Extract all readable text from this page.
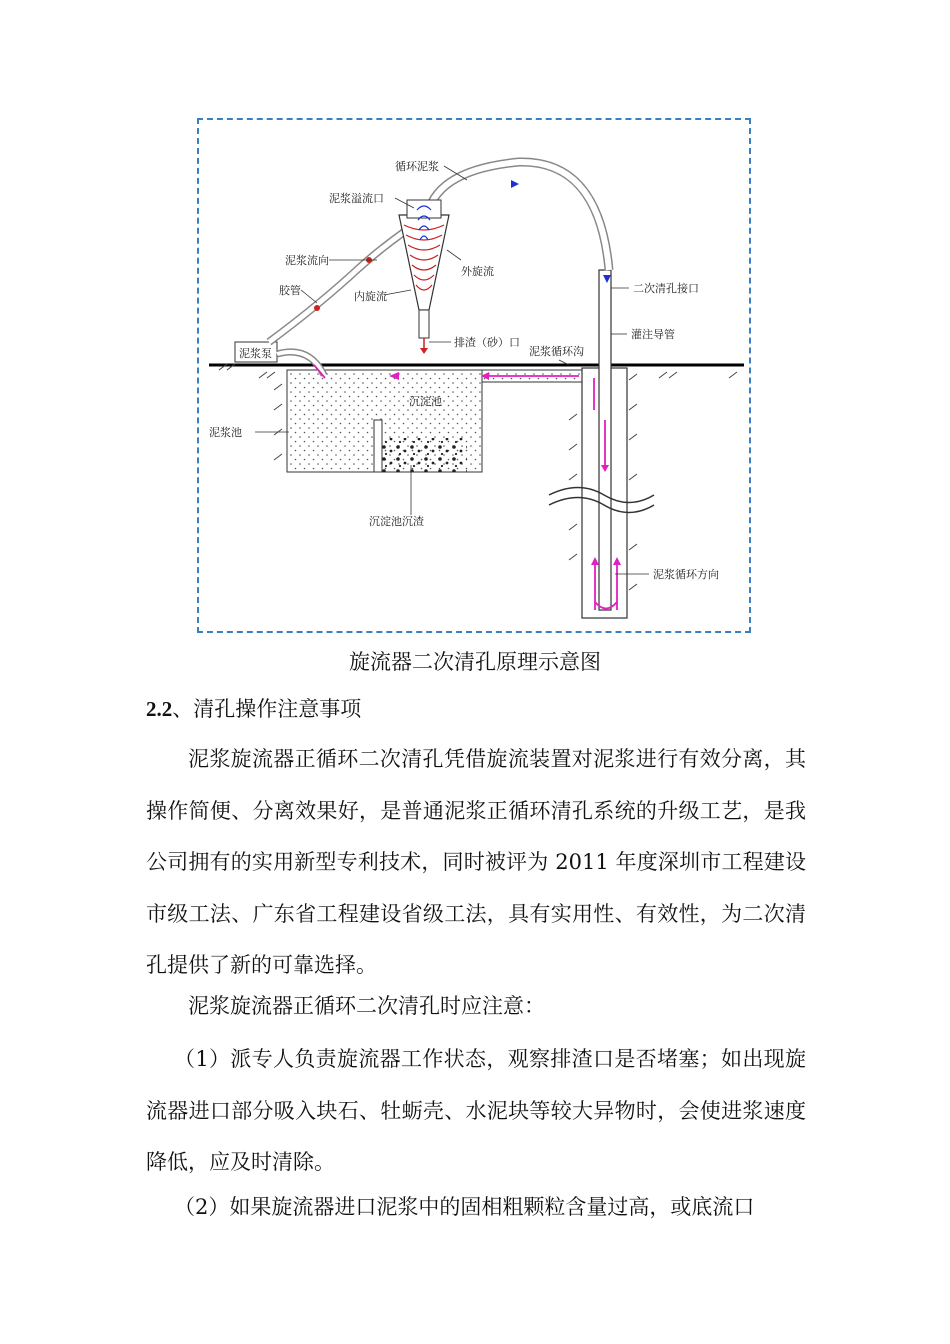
循环泥浆
泥浆溢流口
泥浆流向
胶管	内旋流
外旋流
泥浆泵
排渣（砂）口
泥浆循环沟
泥浆池
沉淀池
沉淀池沉渣
二次清孔接口
灌注导管
泥浆循环方向
旋流器二次清孔原理示意图
2.2、清孔操作注意事项

泥浆旋流器正循环二次清孔凭借旋流装置对泥浆进行有效分离，其操作简便、分离效果好，是普通泥浆正循环清孔系统的升级工艺，是我公司拥有的实用新型专利技术，同时被评为 2011 年度深圳市工程建设市级工法、广东省工程建设省级工法，具有实用性、有效性，为二次清孔提供了新的可靠选择。

泥浆旋流器正循环二次清孔时应注意：

（1）派专人负责旋流器工作状态，观察排渣口是否堵塞；如出现旋流器进口部分吸入块石、牡蛎壳、水泥块等较大异物时，会使进浆速度降低，应及时清除。

（2）如果旋流器进口泥浆中的固相粗颗粒含量过高，或底流口
